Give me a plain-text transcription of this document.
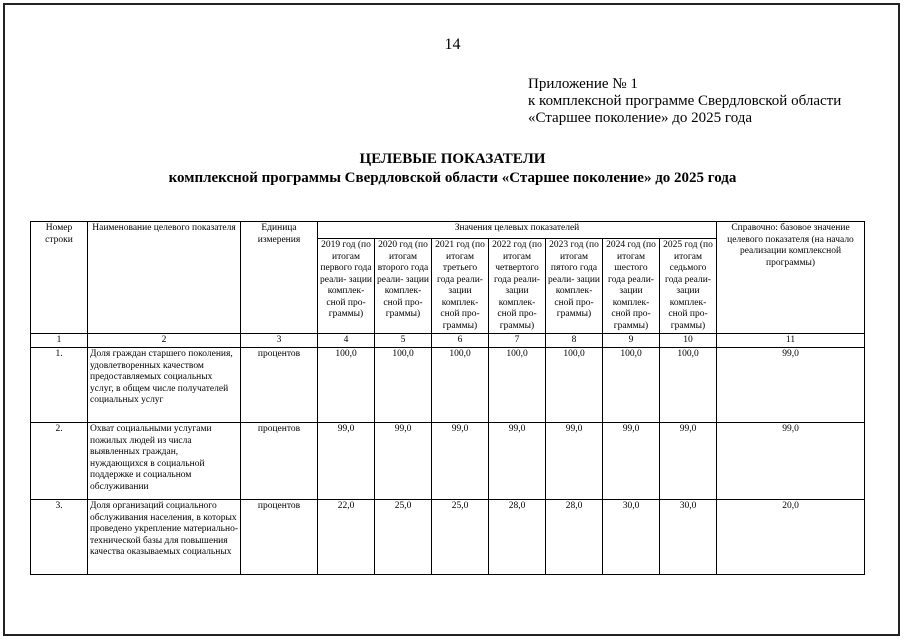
14
Приложение № 1
к комплексной программе Свердловской области
«Старшее поколение» до 2025 года
ЦЕЛЕВЫЕ ПОКАЗАТЕЛИ
комплексной программы Свердловской области «Старшее поколение» до 2025 года
Номер строки	Наименование целевого показателя	Единица измерения	Значения целевых показателей							Справочно: базовое значение целевого показателя (на начало реализации комплексной программы)
			2019 год (по итогам первого года реали- зации комплек- сной про- граммы)	2020 год (по итогам второго года реали- зации комплек- сной про- граммы)	2021 год (по итогам третьего года реали- зации комплек- сной про- граммы)	2022 год (по итогам четвертого года реали- зации комплек- сной про- граммы)	2023 год (по итогам пятого года реали- зации комплек- сной про- граммы)	2024 год (по итогам шестого года реали- зации комплек- сной про- граммы)	2025 год (по итогам седьмого года реали- зации комплек- сной про- граммы)	
1	2	3	4	5	6	7	8	9	10	11
1.	Доля граждан старшего поколения, удовлетворенных качеством предоставляемых социальных услуг, в общем числе получателей социальных услуг	процентов	100,0	100,0	100,0	100,0	100,0	100,0	100,0	99,0
2.	Охват социальными услугами пожилых людей из числа выявленных граждан, нуждающихся в социальной поддержке и социальном обслуживании	процентов	99,0	99,0	99,0	99,0	99,0	99,0	99,0	99,0
3.	Доля организаций социального обслуживания населения, в которых проведено укрепление материально-технической базы для повышения качества оказываемых социальных	процентов	22,0	25,0	25,0	28,0	28,0	30,0	30,0	20,0
